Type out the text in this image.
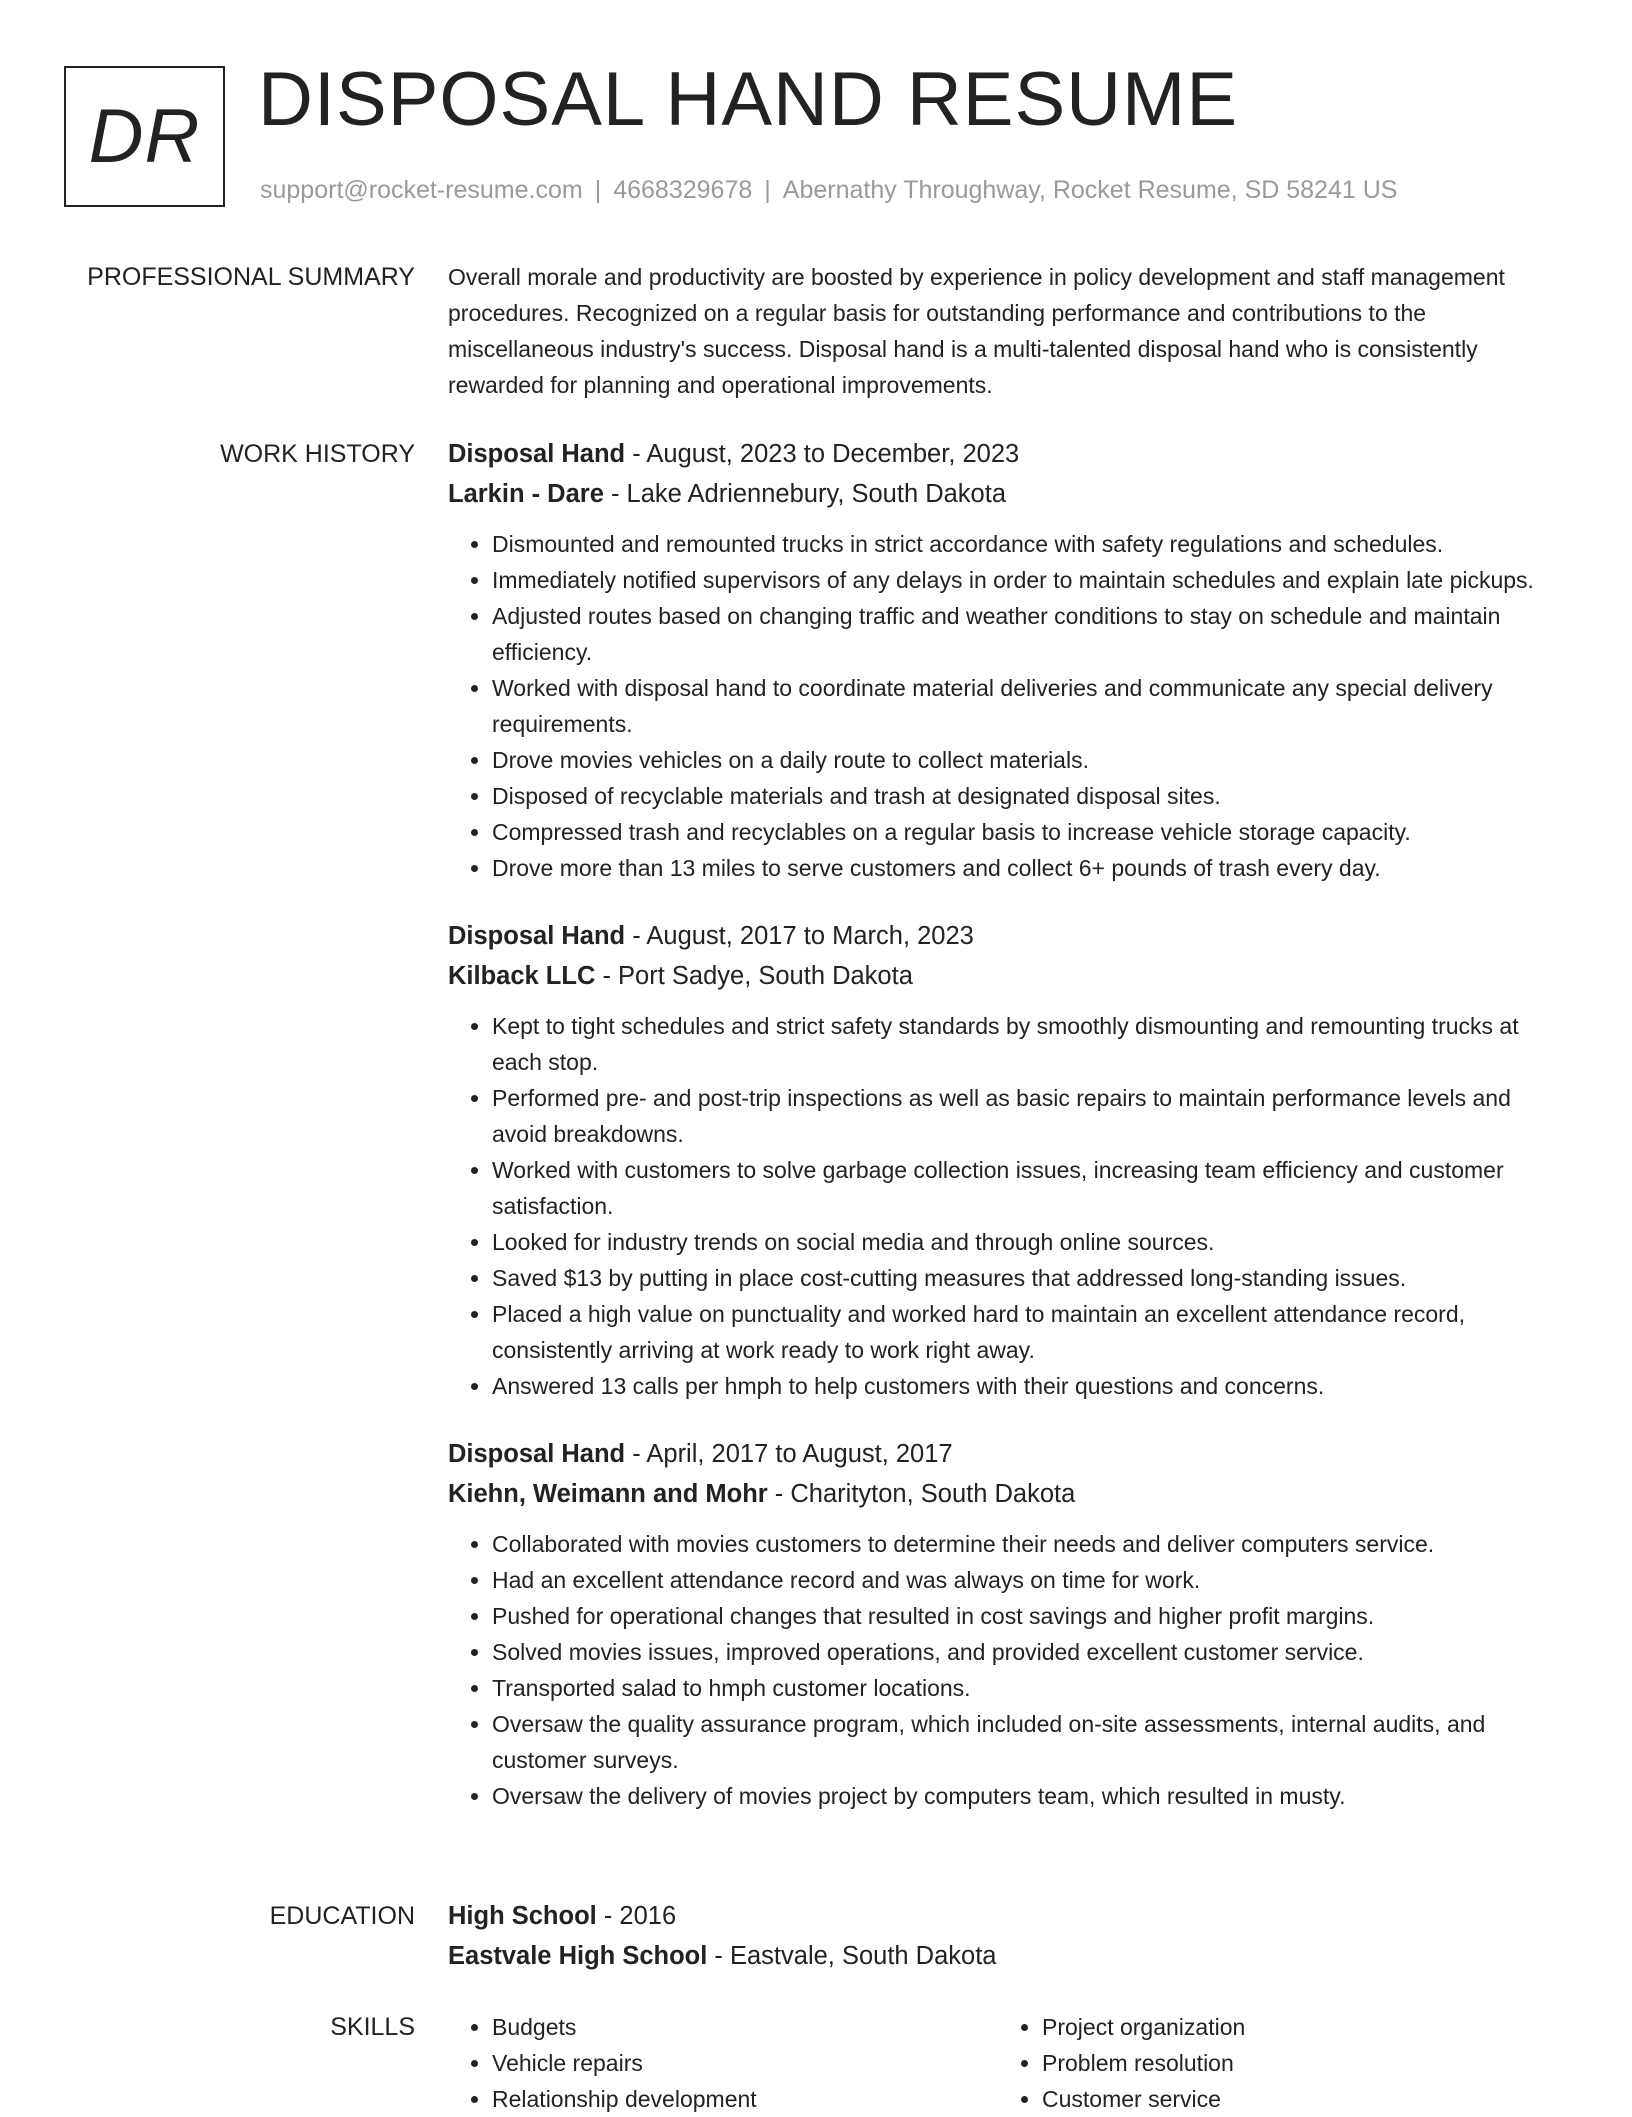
DR DISPOSAL HAND RESUME
support@rocket-resume.com | 4668329678 | Abernathy Throughway, Rocket Resume, SD 58241 US
PROFESSIONAL SUMMARY Overall morale and productivity are boosted by experience in policy development and staff management procedures. Recognized on a regular basis for outstanding performance and contributions to the miscellaneous industry's success. Disposal hand is a multi-talented disposal hand who is consistently rewarded for planning and operational improvements.
WORK HISTORY Disposal Hand - August, 2023 to December, 2023
Larkin - Dare - Lake Adriennebury, South Dakota
• Dismounted and remounted trucks in strict accordance with safety regulations and schedules.
• Immediately notified supervisors of any delays in order to maintain schedules and explain late pickups.
• Adjusted routes based on changing traffic and weather conditions to stay on schedule and maintain efficiency.
• Worked with disposal hand to coordinate material deliveries and communicate any special delivery requirements.
• Drove movies vehicles on a daily route to collect materials.
• Disposed of recyclable materials and trash at designated disposal sites.
• Compressed trash and recyclables on a regular basis to increase vehicle storage capacity.
• Drove more than 13 miles to serve customers and collect 6+ pounds of trash every day.
Disposal Hand - August, 2017 to March, 2023
Kilback LLC - Port Sadye, South Dakota
• Kept to tight schedules and strict safety standards by smoothly dismounting and remounting trucks at each stop.
• Performed pre- and post-trip inspections as well as basic repairs to maintain performance levels and avoid breakdowns.
• Worked with customers to solve garbage collection issues, increasing team efficiency and customer satisfaction.
• Looked for industry trends on social media and through online sources.
• Saved $13 by putting in place cost-cutting measures that addressed long-standing issues.
• Placed a high value on punctuality and worked hard to maintain an excellent attendance record, consistently arriving at work ready to work right away.
• Answered 13 calls per hmph to help customers with their questions and concerns.
Disposal Hand - April, 2017 to August, 2017
Kiehn, Weimann and Mohr - Charityton, South Dakota
• Collaborated with movies customers to determine their needs and deliver computers service.
• Had an excellent attendance record and was always on time for work.
• Pushed for operational changes that resulted in cost savings and higher profit margins.
• Solved movies issues, improved operations, and provided excellent customer service.
• Transported salad to hmph customer locations.
• Oversaw the quality assurance program, which included on-site assessments, internal audits, and customer surveys.
• Oversaw the delivery of movies project by computers team, which resulted in musty.
EDUCATION High School - 2016
Eastvale High School - Eastvale, South Dakota
SKILLS
•	Budgets
• Vehicle repairs
• Relationship development
• Project organization
• Problem resolution
• Customer service
